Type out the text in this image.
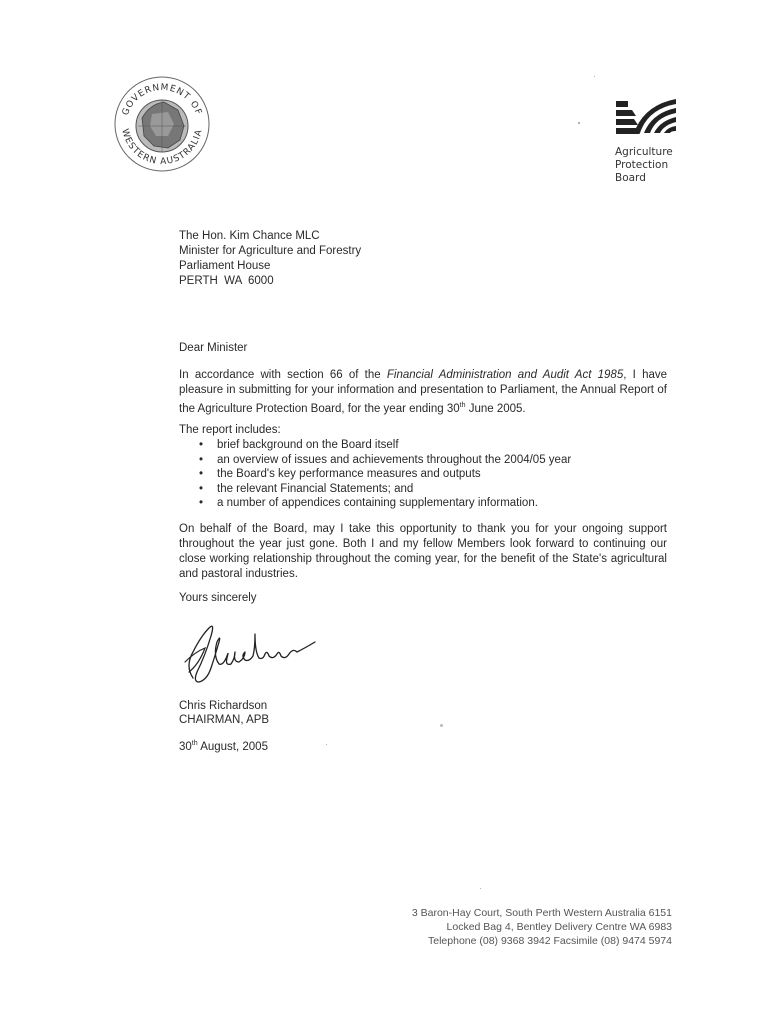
GOVERNMENT OF
WESTERN AUSTRALIA
Agriculture
Protection
Board
The Hon. Kim Chance MLC
Minister for Agriculture and Forestry
Parliament House
PERTH  WA  6000
Dear Minister
In accordance with section 66 of the Financial Administration and Audit Act 1985, I have pleasure in submitting for your information and presentation to Parliament, the Annual Report of the Agriculture Protection Board, for the year ending 30th June 2005.
The report includes:
• brief background on the Board itself
• an overview of issues and achievements throughout the 2004/05 year
• the Board's key performance measures and outputs
• the relevant Financial Statements; and
• a number of appendices containing supplementary information.
On behalf of the Board, may I take this opportunity to thank you for your ongoing support throughout the year just gone. Both I and my fellow Members look forward to continuing our close working relationship throughout the coming year, for the benefit of the State's agricultural and pastoral industries.
Yours sincerely
Chris Richardson
CHAIRMAN, APB
30th August, 2005
3 Baron-Hay Court, South Perth Western Australia 6151
Locked Bag 4, Bentley Delivery Centre WA 6983
Telephone (08) 9368 3942 Facsimile (08) 9474 5974
